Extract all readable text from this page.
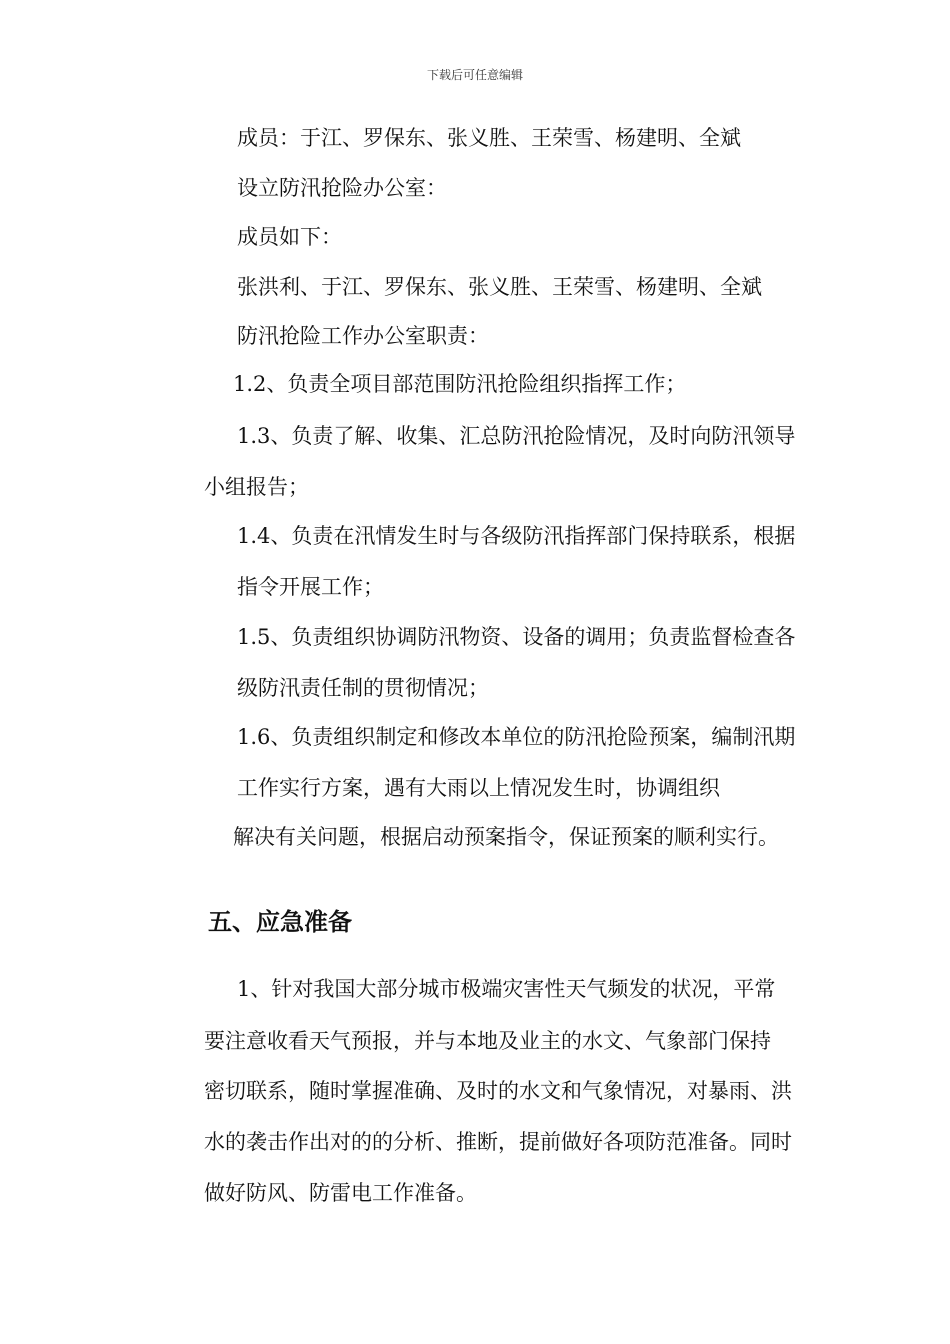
下载后可任意编辑
成员：于江、罗保东、张义胜、王荣雪、杨建明、全斌
设立防汛抢险办公室：
成员如下：
张洪利、于江、罗保东、张义胜、王荣雪、杨建明、全斌
防汛抢险工作办公室职责：
1.2、负责全项目部范围防汛抢险组织指挥工作；
1.3、负责了解、收集、汇总防汛抢险情况，及时向防汛领导
小组报告；
1.4、负责在汛情发生时与各级防汛指挥部门保持联系，根据
指令开展工作；
1.5、负责组织协调防汛物资、设备的调用；负责监督检查各
级防汛责任制的贯彻情况；
1.6、负责组织制定和修改本单位的防汛抢险预案，编制汛期
工作实行方案，遇有大雨以上情况发生时，协调组织
解决有关问题，根据启动预案指令，保证预案的顺利实行。
五、应急准备
1、针对我国大部分城市极端灾害性天气频发的状况，平常
要注意收看天气预报，并与本地及业主的水文、气象部门保持
密切联系，随时掌握准确、及时的水文和气象情况，对暴雨、洪
水的袭击作出对的的分析、推断，提前做好各项防范准备。同时
做好防风、防雷电工作准备。
